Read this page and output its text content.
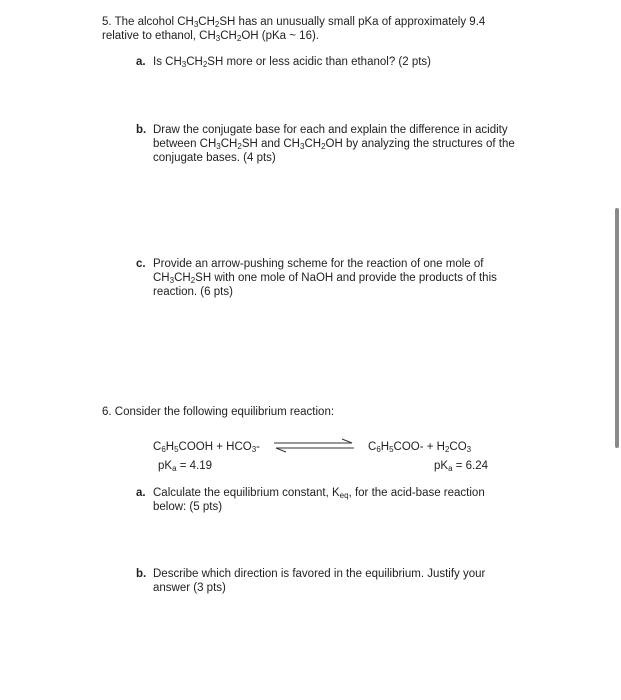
5. The alcohol $CH_3CH_2SH$ has an unusually small pKa of approximately 9.4
relative to ethanol, $CH_3CH_2OH$ (pKa ~ 16).
a. Is $CH_3CH_2SH$ more or less acidic than ethanol? (2 pts)
b. Draw the conjugate base for each and explain the difference in acidity
between $CH_3CH_2SH$ and $CH_3CH_2OH$ by analyzing the structures of the
conjugate bases. (4 pts)
c. Provide an arrow-pushing scheme for the reaction of one mole of
$CH_3CH_2SH$ with one mole of NaOH and provide the products of this
reaction. (6 pts)
6. Consider the following equilibrium reaction:
$C_6H_5COOH + HCO_3-$	$C_6H_5COO- + H_2CO_3$
$pK_a = 4.19$	$pK_a = 6.24$
a. Calculate the equilibrium constant, $K_{eq}$, for the acid-base reaction
below: (5 pts)
b. Describe which direction is favored in the equilibrium. Justify your
answer (3 pts)
